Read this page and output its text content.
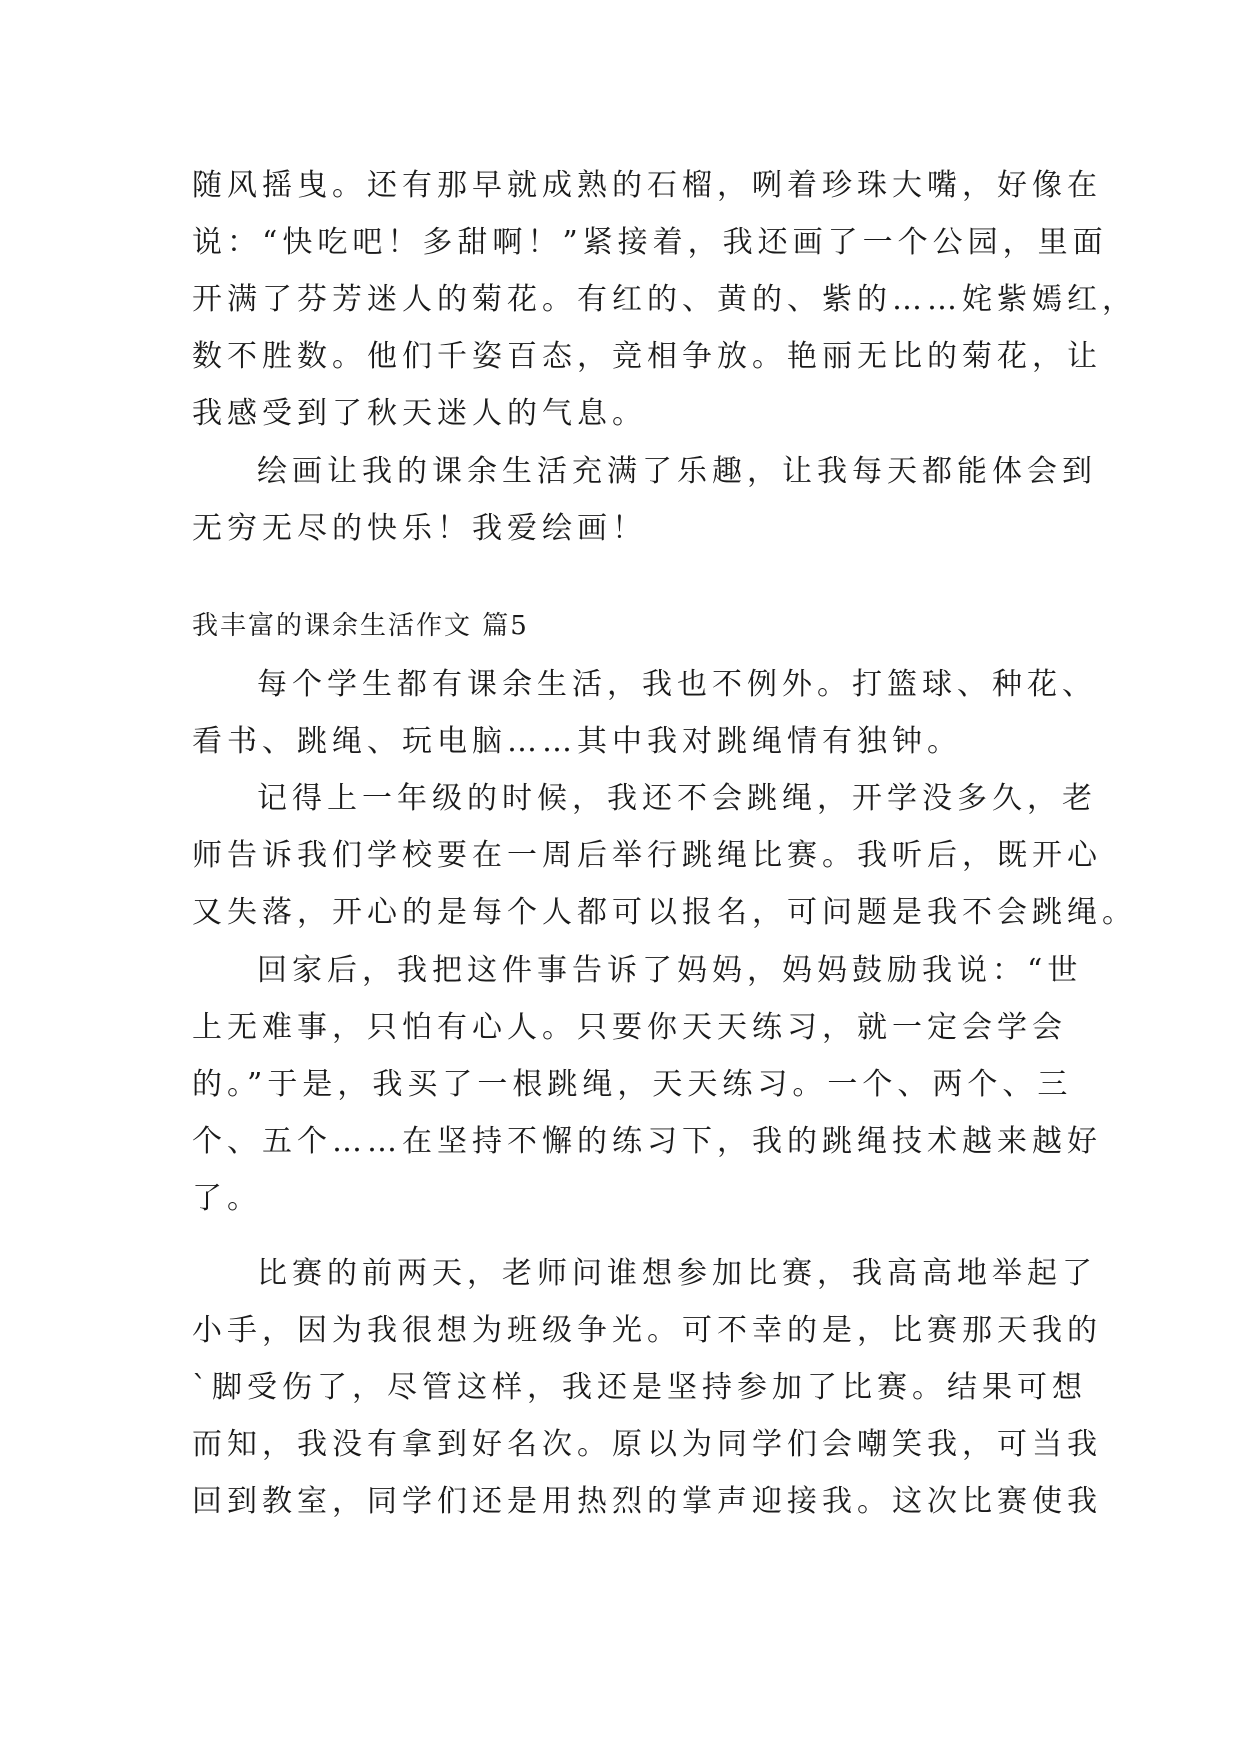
随风摇曳。还有那早就成熟的石榴，咧着珍珠大嘴，好像在
说：“快吃吧！多甜啊！”紧接着，我还画了一个公园，里面
开满了芬芳迷人的菊花。有红的、黄的、紫的……姹紫嫣红，
数不胜数。他们千姿百态，竞相争放。艳丽无比的菊花，让
我感受到了秋天迷人的气息。
绘画让我的课余生活充满了乐趣，让我每天都能体会到
无穷无尽的快乐！我爱绘画！
我丰富的课余生活作文 篇5
每个学生都有课余生活，我也不例外。打篮球、种花、
看书、跳绳、玩电脑……其中我对跳绳情有独钟。
记得上一年级的时候，我还不会跳绳，开学没多久，老
师告诉我们学校要在一周后举行跳绳比赛。我听后，既开心
又失落，开心的是每个人都可以报名，可问题是我不会跳绳。
回家后，我把这件事告诉了妈妈，妈妈鼓励我说：“世
上无难事，只怕有心人。只要你天天练习，就一定会学会
的。”于是，我买了一根跳绳，天天练习。一个、两个、三
个、五个……在坚持不懈的练习下，我的跳绳技术越来越好
了。
比赛的前两天，老师问谁想参加比赛，我高高地举起了
小手，因为我很想为班级争光。可不幸的是，比赛那天我的
`脚受伤了，尽管这样，我还是坚持参加了比赛。结果可想
而知，我没有拿到好名次。原以为同学们会嘲笑我，可当我
回到教室，同学们还是用热烈的掌声迎接我。这次比赛使我
